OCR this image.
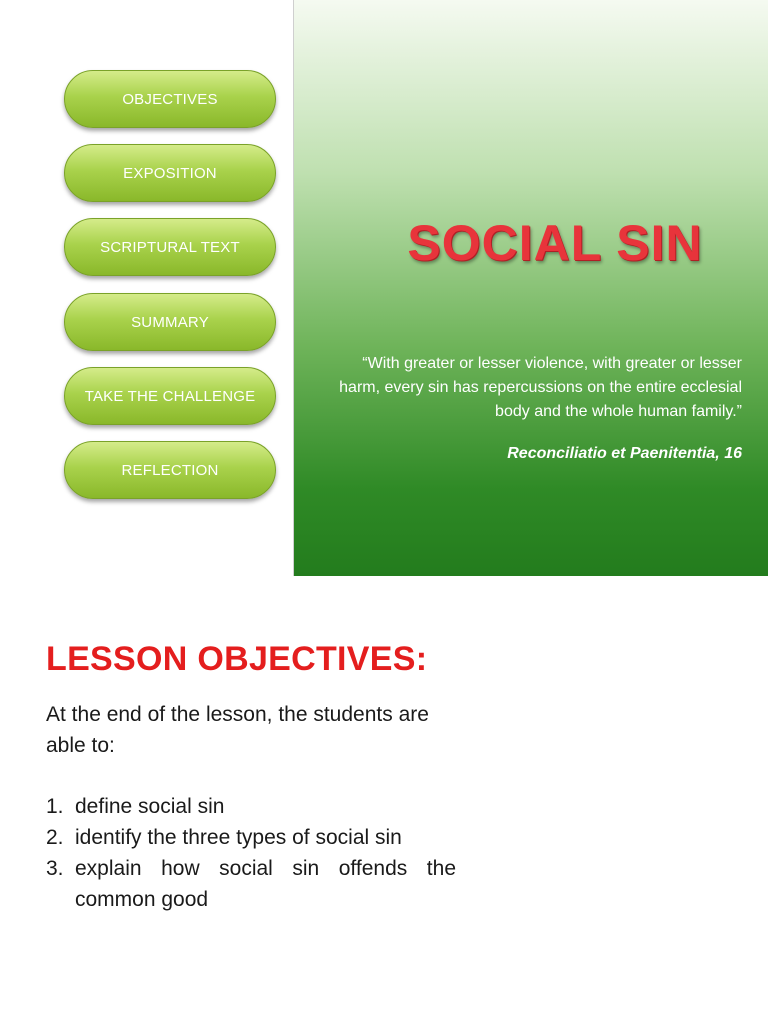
OBJECTIVES
EXPOSITION
SCRIPTURAL TEXT
SUMMARY
TAKE THE CHALLENGE
REFLECTION
SOCIAL SIN
“With greater or lesser violence, with greater or lesser harm, every sin has repercussions on the entire ecclesial body and the whole human family.”
Reconciliatio et Paenitentia, 16
LESSON OBJECTIVES:
At the end of the lesson, the students are able to:
1. define social sin
2. identify the three types of social sin
3. explain how social sin offends the common good
